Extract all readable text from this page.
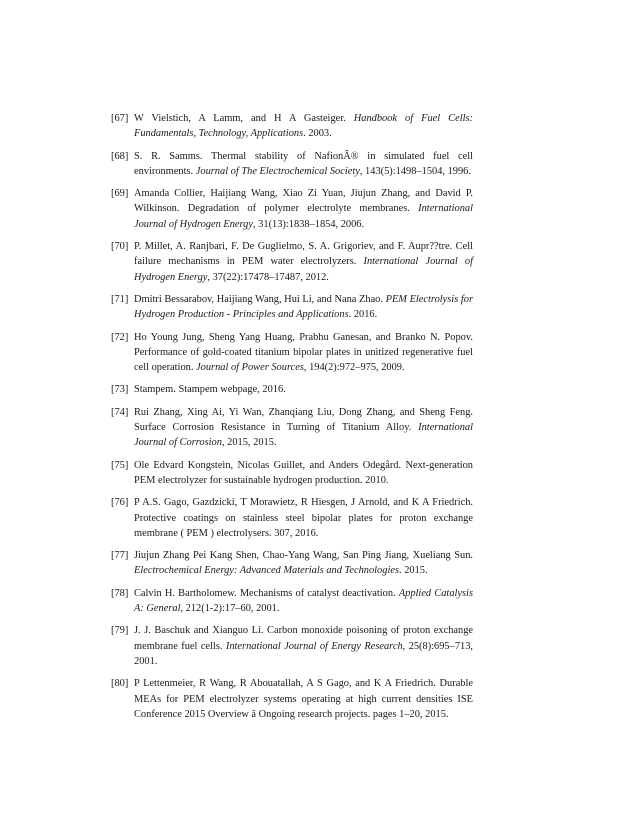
[67] W Vielstich, A Lamm, and H A Gasteiger. Handbook of Fuel Cells: Fundamentals, Technology, Applications. 2003.
[68] S. R. Samms. Thermal stability of NafionÂ® in simulated fuel cell environments. Journal of The Electrochemical Society, 143(5):1498–1504, 1996.
[69] Amanda Collier, Haijiang Wang, Xiao Zi Yuan, Jiujun Zhang, and David P. Wilkinson. Degradation of polymer electrolyte membranes. International Journal of Hydrogen Energy, 31(13):1838–1854, 2006.
[70] P. Millet, A. Ranjbari, F. De Guglielmo, S. A. Grigoriev, and F. Aupr??tre. Cell failure mechanisms in PEM water electrolyzers. International Journal of Hydrogen Energy, 37(22):17478–17487, 2012.
[71] Dmitri Bessarabov, Haijiang Wang, Hui Li, and Nana Zhao. PEM Electrolysis for Hydrogen Production - Principles and Applications. 2016.
[72] Ho Young Jung, Sheng Yang Huang, Prabhu Ganesan, and Branko N. Popov. Performance of gold-coated titanium bipolar plates in unitized regenerative fuel cell operation. Journal of Power Sources, 194(2):972–975, 2009.
[73] Stampem. Stampem webpage, 2016.
[74] Rui Zhang, Xing Ai, Yi Wan, Zhanqiang Liu, Dong Zhang, and Sheng Feng. Surface Corrosion Resistance in Turning of Titanium Alloy. International Journal of Corrosion, 2015, 2015.
[75] Ole Edvard Kongstein, Nicolas Guillet, and Anders Odegård. Next-generation PEM electrolyzer for sustainable hydrogen production. 2010.
[76] P A.S. Gago, Gazdzicki, T Morawietz, R Hiesgen, J Arnold, and K A Friedrich. Protective coatings on stainless steel bipolar plates for proton exchange membrane ( PEM ) electrolysers. 307, 2016.
[77] Jiujun Zhang Pei Kang Shen, Chao-Yang Wang, San Ping Jiang, Xueliang Sun. Electrochemical Energy: Advanced Materials and Technologies. 2015.
[78] Calvin H. Bartholomew. Mechanisms of catalyst deactivation. Applied Catalysis A: General, 212(1-2):17–60, 2001.
[79] J. J. Baschuk and Xianguo Li. Carbon monoxide poisoning of proton exchange membrane fuel cells. International Journal of Energy Research, 25(8):695–713, 2001.
[80] P Lettenmeier, R Wang, R Abouatallah, A S Gago, and K A Friedrich. Durable MEAs for PEM electrolyzer systems operating at high current densities ISE Conference 2015 Overview â Ongoing research projects. pages 1–20, 2015.
